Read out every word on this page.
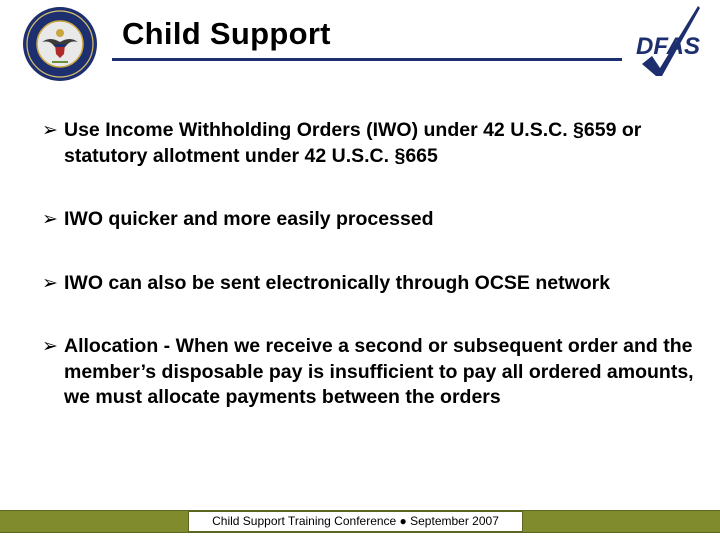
Child Support	DFAS
➢ Use Income Withholding Orders (IWO) under 42 U.S.C. §659 or statutory allotment under 42 U.S.C. §665
➢ IWO quicker and more easily processed
➢ IWO can also be sent electronically through OCSE network
➢ Allocation - When we receive a second or subsequent order and the member’s disposable pay is insufficient to pay all ordered amounts, we must allocate payments between the orders
Child Support Training Conference ● September 2007
